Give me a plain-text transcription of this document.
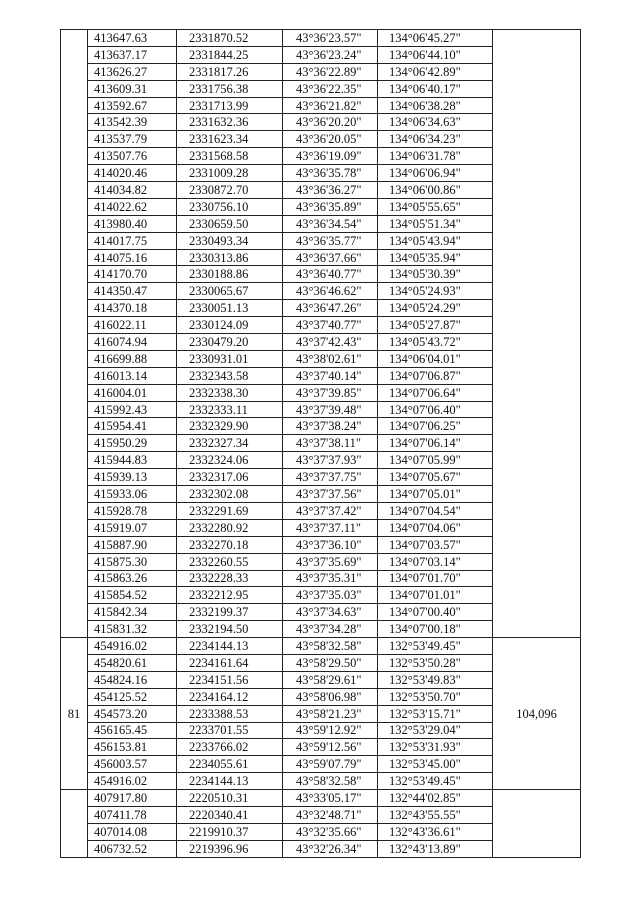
	413647.63	2331870.52	43°36'23.57"	134°06'45.27"	
	413637.17	2331844.25	43°36'23.24"	134°06'44.10"	
	413626.27	2331817.26	43°36'22.89"	134°06'42.89"	
	413609.31	2331756.38	43°36'22.35"	134°06'40.17"	
	413592.67	2331713.99	43°36'21.82"	134°06'38.28"	
	413542.39	2331632.36	43°36'20.20"	134°06'34.63"	
	413537.79	2331623.34	43°36'20.05"	134°06'34.23"	
	413507.76	2331568.58	43°36'19.09"	134°06'31.78"	
	414020.46	2331009.28	43°36'35.78"	134°06'06.94"	
	414034.82	2330872.70	43°36'36.27"	134°06'00.86"	
	414022.62	2330756.10	43°36'35.89"	134°05'55.65"	
	413980.40	2330659.50	43°36'34.54"	134°05'51.34"	
	414017.75	2330493.34	43°36'35.77"	134°05'43.94"	
	414075.16	2330313.86	43°36'37.66"	134°05'35.94"	
	414170.70	2330188.86	43°36'40.77"	134°05'30.39"	
	414350.47	2330065.67	43°36'46.62"	134°05'24.93"	
	414370.18	2330051.13	43°36'47.26"	134°05'24.29"	
	416022.11	2330124.09	43°37'40.77"	134°05'27.87"	
	416074.94	2330479.20	43°37'42.43"	134°05'43.72"	
	416699.88	2330931.01	43°38'02.61"	134°06'04.01"	
	416013.14	2332343.58	43°37'40.14"	134°07'06.87"	
	416004.01	2332338.30	43°37'39.85"	134°07'06.64"	
	415992.43	2332333.11	43°37'39.48"	134°07'06.40"	
	415954.41	2332329.90	43°37'38.24"	134°07'06.25"	
	415950.29	2332327.34	43°37'38.11"	134°07'06.14"	
	415944.83	2332324.06	43°37'37.93"	134°07'05.99"	
	415939.13	2332317.06	43°37'37.75"	134°07'05.67"	
	415933.06	2332302.08	43°37'37.56"	134°07'05.01"	
	415928.78	2332291.69	43°37'37.42"	134°07'04.54"	
	415919.07	2332280.92	43°37'37.11"	134°07'04.06"	
	415887.90	2332270.18	43°37'36.10"	134°07'03.57"	
	415875.30	2332260.55	43°37'35.69"	134°07'03.14"	
	415863.26	2332228.33	43°37'35.31"	134°07'01.70"	
	415854.52	2332212.95	43°37'35.03"	134°07'01.01"	
	415842.34	2332199.37	43°37'34.63"	134°07'00.40"	
	415831.32	2332194.50	43°37'34.28"	134°07'00.18"	
81	454916.02	2234144.13	43°58'32.58"	132°53'49.45"	104,096
	454820.61	2234161.64	43°58'29.50"	132°53'50.28"	
	454824.16	2234151.56	43°58'29.61"	132°53'49.83"	
	454125.52	2234164.12	43°58'06.98"	132°53'50.70"	
	454573.20	2233388.53	43°58'21.23"	132°53'15.71"	
	456165.45	2233701.55	43°59'12.92"	132°53'29.04"	
	456153.81	2233766.02	43°59'12.56"	132°53'31.93"	
	456003.57	2234055.61	43°59'07.79"	132°53'45.00"	
	454916.02	2234144.13	43°58'32.58"	132°53'49.45"	
	407917.80	2220510.31	43°33'05.17"	132°44'02.85"	
	407411.78	2220340.41	43°32'48.71"	132°43'55.55"	
	407014.08	2219910.37	43°32'35.66"	132°43'36.61"	
	406732.52	2219396.96	43°32'26.34"	132°43'13.89"	
